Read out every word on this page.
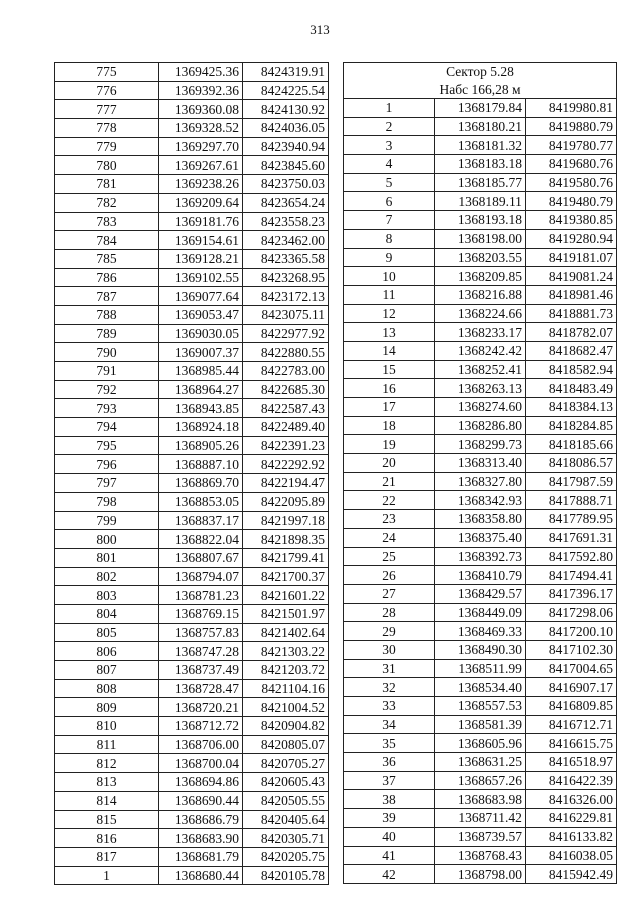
313
775	1369425.36	8424319.91
776	1369392.36	8424225.54
777	1369360.08	8424130.92
778	1369328.52	8424036.05
779	1369297.70	8423940.94
780	1369267.61	8423845.60
781	1369238.26	8423750.03
782	1369209.64	8423654.24
783	1369181.76	8423558.23
784	1369154.61	8423462.00
785	1369128.21	8423365.58
786	1369102.55	8423268.95
787	1369077.64	8423172.13
788	1369053.47	8423075.11
789	1369030.05	8422977.92
790	1369007.37	8422880.55
791	1368985.44	8422783.00
792	1368964.27	8422685.30
793	1368943.85	8422587.43
794	1368924.18	8422489.40
795	1368905.26	8422391.23
796	1368887.10	8422292.92
797	1368869.70	8422194.47
798	1368853.05	8422095.89
799	1368837.17	8421997.18
800	1368822.04	8421898.35
801	1368807.67	8421799.41
802	1368794.07	8421700.37
803	1368781.23	8421601.22
804	1368769.15	8421501.97
805	1368757.83	8421402.64
806	1368747.28	8421303.22
807	1368737.49	8421203.72
808	1368728.47	8421104.16
809	1368720.21	8421004.52
810	1368712.72	8420904.82
811	1368706.00	8420805.07
812	1368700.04	8420705.27
813	1368694.86	8420605.43
814	1368690.44	8420505.55
815	1368686.79	8420405.64
816	1368683.90	8420305.71
817	1368681.79	8420205.75
1	1368680.44	8420105.78
Сектор 5.28		
Набс 166,28 м		
1	1368179.84	8419980.81
2	1368180.21	8419880.79
3	1368181.32	8419780.77
4	1368183.18	8419680.76
5	1368185.77	8419580.76
6	1368189.11	8419480.79
7	1368193.18	8419380.85
8	1368198.00	8419280.94
9	1368203.55	8419181.07
10	1368209.85	8419081.24
11	1368216.88	8418981.46
12	1368224.66	8418881.73
13	1368233.17	8418782.07
14	1368242.42	8418682.47
15	1368252.41	8418582.94
16	1368263.13	8418483.49
17	1368274.60	8418384.13
18	1368286.80	8418284.85
19	1368299.73	8418185.66
20	1368313.40	8418086.57
21	1368327.80	8417987.59
22	1368342.93	8417888.71
23	1368358.80	8417789.95
24	1368375.40	8417691.31
25	1368392.73	8417592.80
26	1368410.79	8417494.41
27	1368429.57	8417396.17
28	1368449.09	8417298.06
29	1368469.33	8417200.10
30	1368490.30	8417102.30
31	1368511.99	8417004.65
32	1368534.40	8416907.17
33	1368557.53	8416809.85
34	1368581.39	8416712.71
35	1368605.96	8416615.75
36	1368631.25	8416518.97
37	1368657.26	8416422.39
38	1368683.98	8416326.00
39	1368711.42	8416229.81
40	1368739.57	8416133.82
41	1368768.43	8416038.05
42	1368798.00	8415942.49
